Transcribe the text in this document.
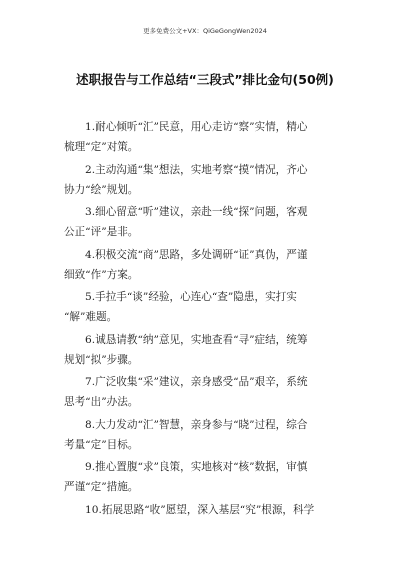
更多免费公文+VX：QiGeGongWen2024
述职报告与工作总结“三段式”排比金句(50例)
1.耐心倾听“汇”民意，用心走访“察”实情，精心
梳理“定”对策。
2.主动沟通“集”想法，实地考察“摸”情况，齐心
协力“绘”规划。
3.细心留意“听”建议，亲赴一线“探”问题，客观
公正“评”是非。
4.积极交流“商”思路，多处调研“证”真伪，严谨
细致“作”方案。
5.手拉手“谈”经验，心连心“查”隐患，实打实
“解”难题。
6.诚恳请教“纳”意见，实地查看“寻”症结，统筹
规划“拟”步骤。
7.广泛收集“采”建议，亲身感受“品”艰辛，系统
思考“出”办法。
8.大力发动“汇”智慧，亲身参与“晓”过程，综合
考量“定”目标。
9.推心置腹“求”良策，实地核对“核”数据，审慎
严谨“定”措施。
10.拓展思路“收”愿望，深入基层“究”根源，科学
